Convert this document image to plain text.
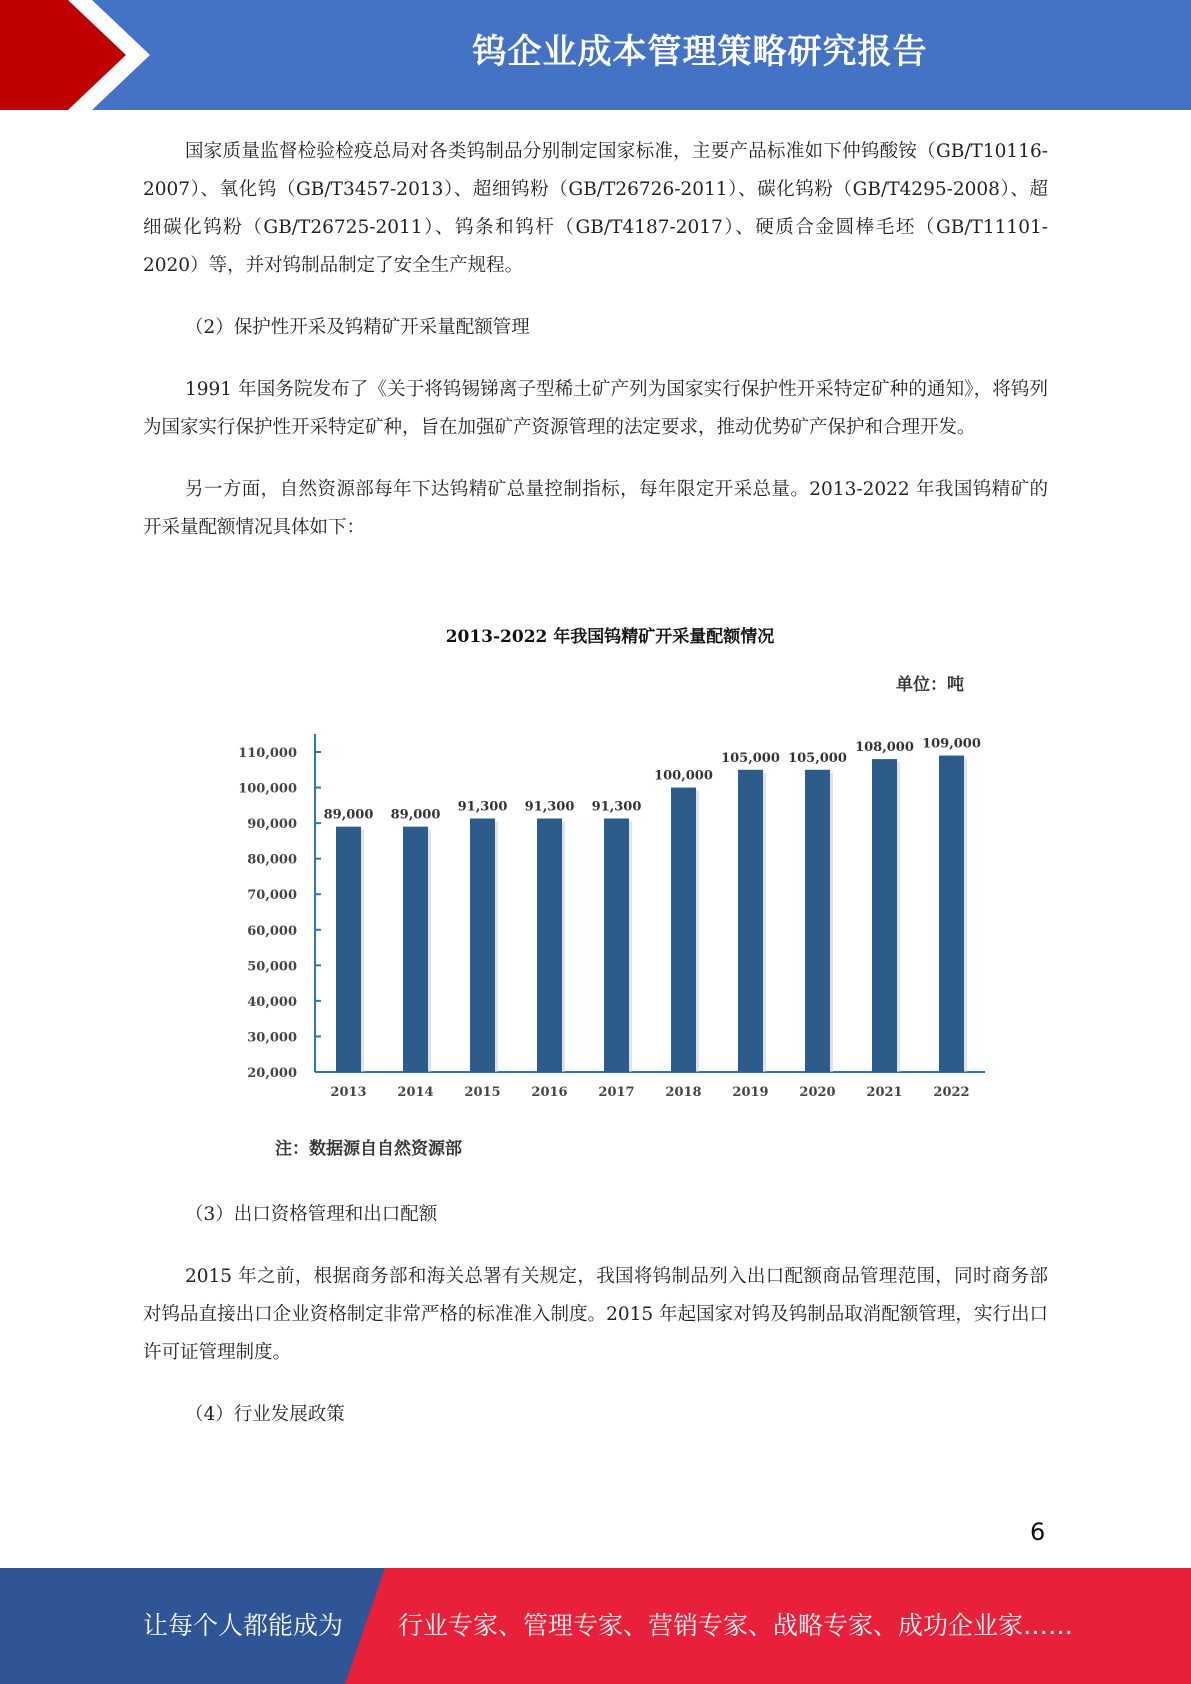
钨企业成本管理策略研究报告

国家质量监督检验检疫总局对各类钨制品分别制定国家标准，主要产品标准如下仲钨酸铵（GB/T10116-2007）、氧化钨（GB/T3457-2013）、超细钨粉（GB/T26726-2011）、碳化钨粉（GB/T4295-2008）、超细碳化钨粉（GB/T26725-2011）、钨条和钨杆（GB/T4187-2017）、硬质合金圆棒毛坯（GB/T11101-2020）等，并对钨制品制定了安全生产规程。

（2）保护性开采及钨精矿开采量配额管理

1991 年国务院发布了《关于将钨锡锑离子型稀土矿产列为国家实行保护性开采特定矿种的通知》，将钨列为国家实行保护性开采特定矿种，旨在加强矿产资源管理的法定要求，推动优势矿产保护和合理开发。

另一方面，自然资源部每年下达钨精矿总量控制指标，每年限定开采总量。2013-2022 年我国钨精矿的开采量配额情况具体如下：

2013-2022 年我国钨精矿开采量配额情况
单位：吨
20,000
30,000
40,000
50,000
60,000
70,000
80,000
90,000
100,000
110,000
89,000
2013
89,000
2014
91,300
2015
91,300
2016
91,300
2017
100,000
2018
105,000
2019
105,000
2020
108,000
2021
109,000
2022
注：数据源自自然资源部

（3）出口资格管理和出口配额

2015 年之前，根据商务部和海关总署有关规定，我国将钨制品列入出口配额商品管理范围，同时商务部对钨品直接出口企业资格制定非常严格的标准准入制度。2015 年起国家对钨及钨制品取消配额管理，实行出口许可证管理制度。

（4）行业发展政策

6
让每个人都能成为 行业专家、管理专家、营销专家、战略专家、成功企业家……
